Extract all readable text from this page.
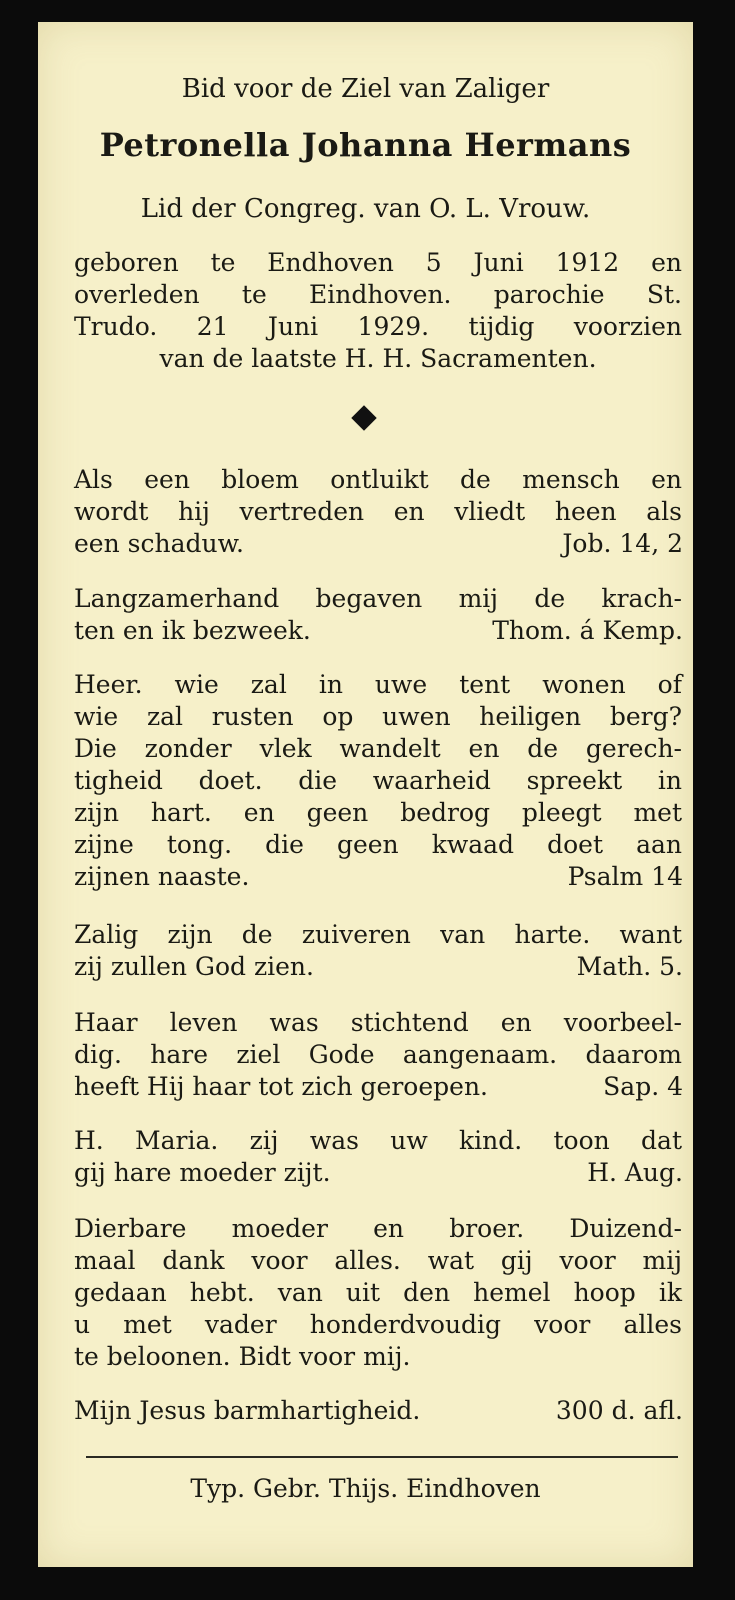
Bid voor de Ziel van Zaliger
Petronella Johanna Hermans
Lid der Congreg. van O. L. Vrouw.
geboren te Endhoven 5 Juni 1912 en
overleden te Eindhoven. parochie St.
Trudo. 21 Juni 1929. tijdig voorzien
van de laatste H. H. Sacramenten.
Als een bloem ontluikt de mensch en
wordt hij vertreden en vliedt heen als
een schaduw.	Job. 14, 2
Langzamerhand begaven mij de krach-
ten en ik bezweek.	Thom. á Kemp.
Heer. wie zal in uwe tent wonen of
wie zal rusten op uwen heiligen berg?
Die zonder vlek wandelt en de gerech-
tigheid doet. die waarheid spreekt in
zijn hart. en geen bedrog pleegt met
zijne tong. die geen kwaad doet aan
zijnen naaste.	Psalm 14
Zalig zijn de zuiveren van harte. want
zij zullen God zien.	Math. 5.
Haar leven was stichtend en voorbeel-
dig. hare ziel Gode aangenaam. daarom
heeft Hij haar tot zich geroepen.	Sap. 4
H. Maria. zij was uw kind. toon dat
gij hare moeder zijt.	H. Aug.
Dierbare moeder en broer. Duizend-
maal dank voor alles. wat gij voor mij
gedaan hebt. van uit den hemel hoop ik
u met vader honderdvoudig voor alles
te beloonen. Bidt voor mij.
Mijn Jesus barmhartigheid.	300 d. afl.
Typ. Gebr. Thijs. Eindhoven
